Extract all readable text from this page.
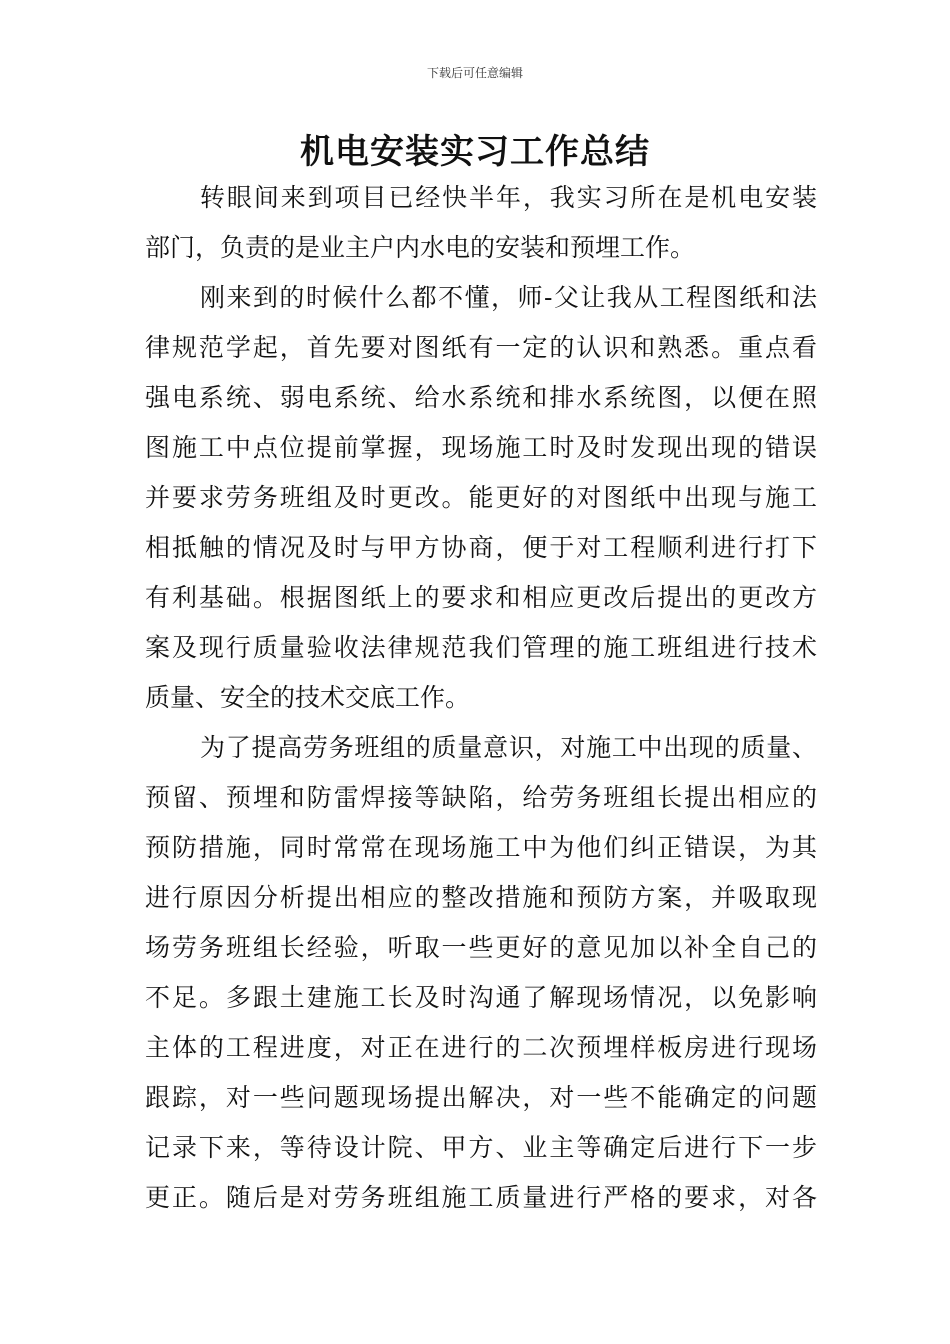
下载后可任意编辑
机电安装实习工作总结
转眼间来到项目已经快半年，我实习所在是机电安装
部门，负责的是业主户内水电的安装和预埋工作。
刚来到的时候什么都不懂，师-父让我从工程图纸和法
律规范学起，首先要对图纸有一定的认识和熟悉。重点看
强电系统、弱电系统、给水系统和排水系统图，以便在照
图施工中点位提前掌握，现场施工时及时发现出现的错误
并要求劳务班组及时更改。能更好的对图纸中出现与施工
相抵触的情况及时与甲方协商，便于对工程顺利进行打下
有利基础。根据图纸上的要求和相应更改后提出的更改方
案及现行质量验收法律规范我们管理的施工班组进行技术
质量、安全的技术交底工作。
为了提高劳务班组的质量意识，对施工中出现的质量、
预留、预埋和防雷焊接等缺陷，给劳务班组长提出相应的
预防措施，同时常常在现场施工中为他们纠正错误，为其
进行原因分析提出相应的整改措施和预防方案，并吸取现
场劳务班组长经验，听取一些更好的意见加以补全自己的
不足。多跟土建施工长及时沟通了解现场情况，以免影响
主体的工程进度，对正在进行的二次预埋样板房进行现场
跟踪，对一些问题现场提出解决，对一些不能确定的问题
记录下来，等待设计院、甲方、业主等确定后进行下一步
更正。随后是对劳务班组施工质量进行严格的要求，对各
